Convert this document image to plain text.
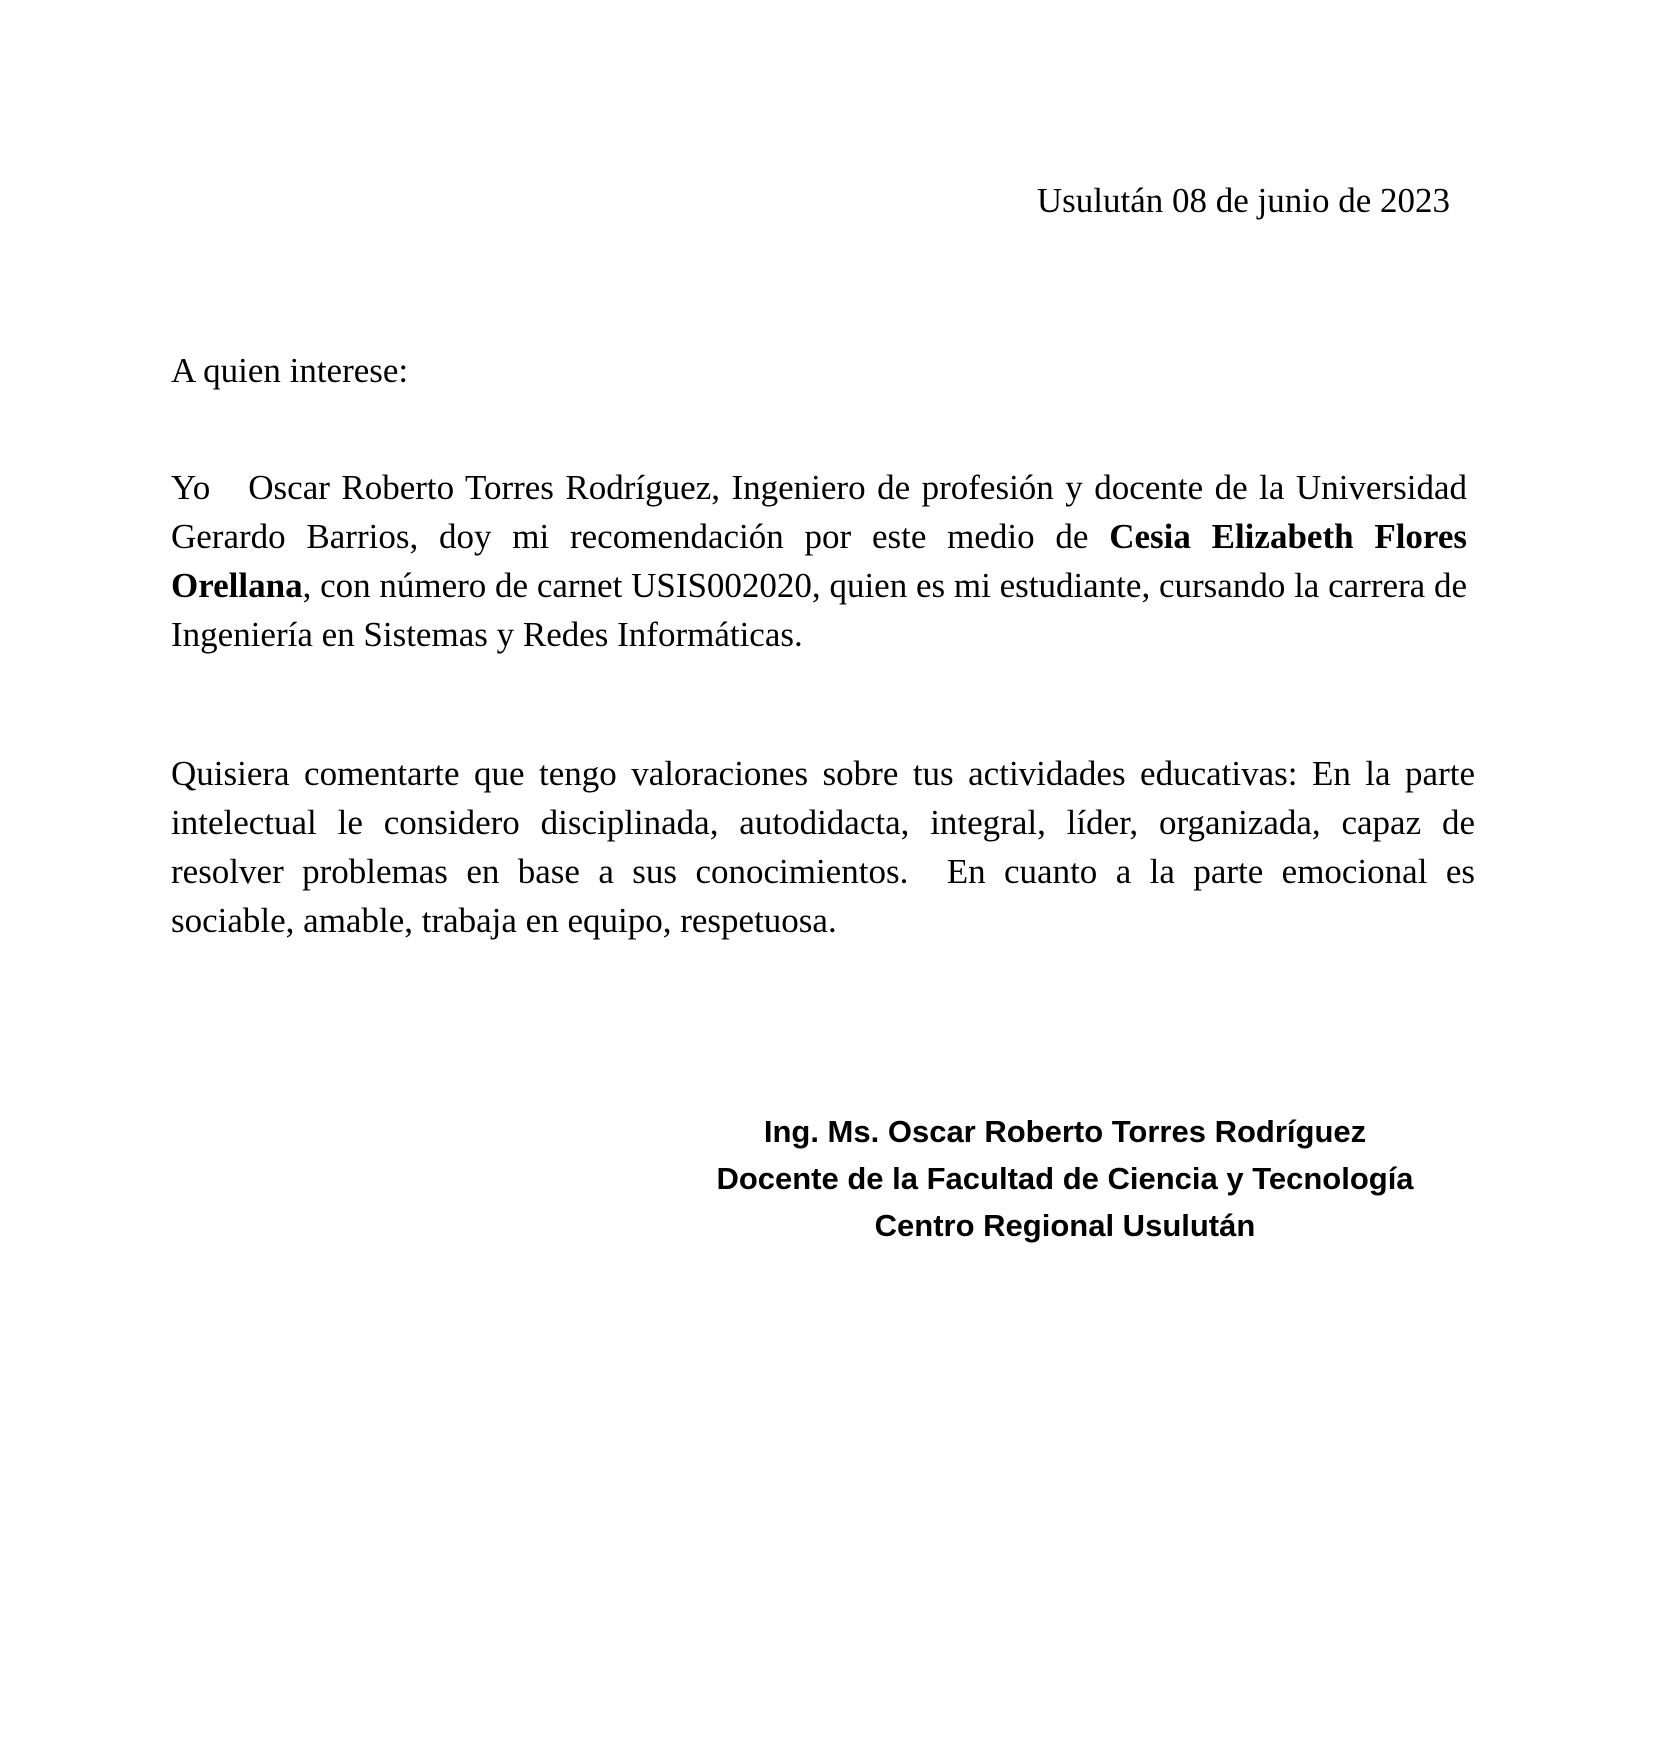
Usulután 08 de junio de 2023
A quien interese:

Yo Oscar Roberto Torres Rodríguez, Ingeniero de profesión y docente de la Universidad Gerardo Barrios, doy mi recomendación por este medio de Cesia Elizabeth Flores Orellana, con número de carnet USIS002020, quien es mi estudiante, cursando la carrera de Ingeniería en Sistemas y Redes Informáticas.

Quisiera comentarte que tengo valoraciones sobre tus actividades educativas: En la parte intelectual le considero disciplinada, autodidacta, integral, líder, organizada, capaz de resolver problemas en base a sus conocimientos. En cuanto a la parte emocional es sociable, amable, trabaja en equipo, respetuosa.

Ing. Ms. Oscar Roberto Torres Rodríguez
Docente de la Facultad de Ciencia y Tecnología
Centro Regional Usulután
